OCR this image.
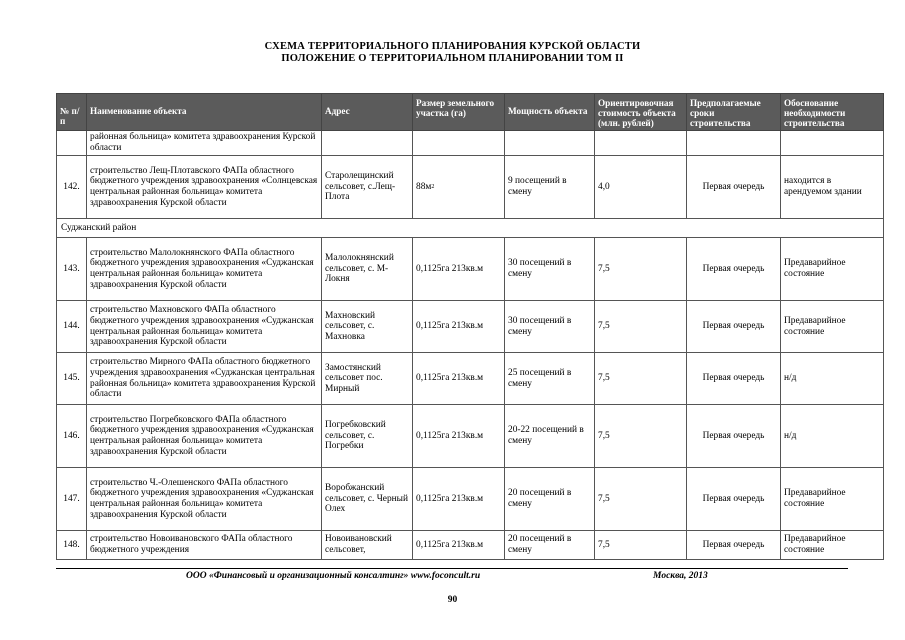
СХЕМА ТЕРРИТОРИАЛЬНОГО ПЛАНИРОВАНИЯ КУРСКОЙ ОБЛАСТИ
ПОЛОЖЕНИЕ О ТЕРРИТОРИАЛЬНОМ ПЛАНИРОВАНИИ ТОМ II
№ п/п	Наименование объекта	Адрес	Размер земельного участка (га)	Мощность объекта	Ориентировочная стоимость объекта (млн. рублей)	Предполагаемые сроки строительства	Обоснование необходимости строительства
	районная больница» комитета здравоохранения Курской области						
142.	строительство Лещ-Плотавского ФАПа областного бюджетного учреждения здравоохранения «Солнцевская центральная районная больница» комитета здравоохранения Курской области	Старолещинский сельсовет, с.Лещ-Плота	$88м^2$	9 посещений в смену	4,0	Первая очередь	находится в арендуемом здании
Суджанский район							
143.	строительство Малолокнянского ФАПа областного бюджетного учреждения здравоохранения «Суджанская центральная районная больница» комитета здравоохранения Курской области	Малолокнянский сельсовет, с. М-Локня	0,1125га 213кв.м	30 посещений в смену	7,5	Первая очередь	Предаварийное состояние
144.	строительство Махновского ФАПа областного бюджетного учреждения здравоохранения «Суджанская центральная районная больница» комитета здравоохранения Курской области	Махновский сельсовет, с. Махновка	0,1125га 213кв.м	30 посещений в смену	7,5	Первая очередь	Предаварийное состояние
145.	строительство Мирного ФАПа областного бюджетного учреждения здравоохранения «Суджанская центральная районная больница» комитета здравоохранения Курской области	Замостянский сельсовет пос. Мирный	0,1125га 213кв.м	25 посещений в смену	7,5	Первая очередь	н/д
146.	строительство Погребковского ФАПа областного бюджетного учреждения здравоохранения «Суджанская центральная районная больница» комитета здравоохранения Курской области	Погребковский сельсовет, с. Погребки	0,1125га 213кв.м	20-22 посещений в смену	7,5	Первая очередь	н/д
147.	строительство Ч.-Олешенского ФАПа областного бюджетного учреждения здравоохранения «Суджанская центральная районная больница» комитета здравоохранения Курской области	Воробжанский сельсовет, с. Черный Олех	0,1125га 213кв.м	20 посещений в смену	7,5	Первая очередь	Предаварийное состояние
148.	строительство Новоивановского ФАПа областного бюджетного учреждения	Новоивановский сельсовет,	0,1125га 213кв.м	20 посещений в смену	7,5	Первая очередь	Предаварийное состояние
ООО «Финансовый и организационный консалтинг» www.foconcult.ru	Москва, 2013
90
